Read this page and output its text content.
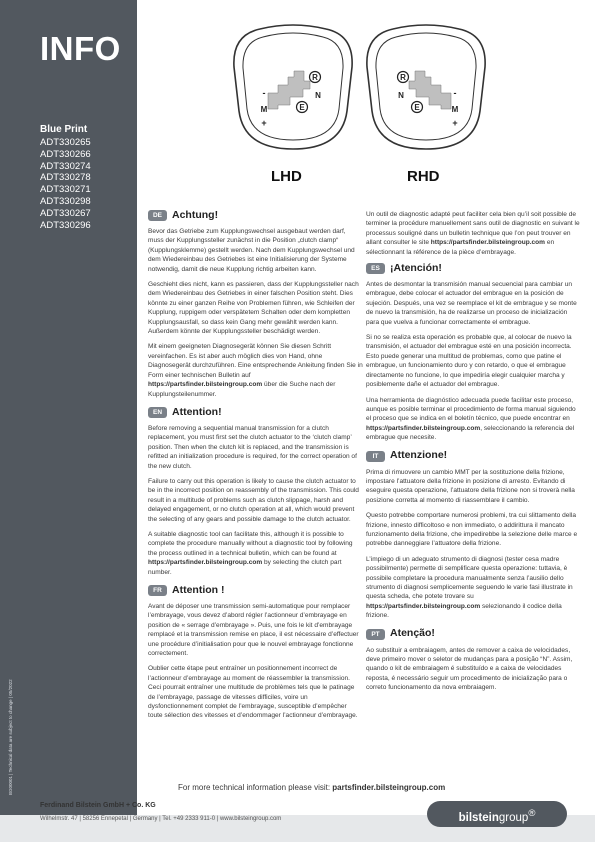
INFO
Blue Print
ADT330265
ADT330266
ADT330274
ADT330278
ADT330271
ADT330298
ADT330267
ADT330296
BG00001 | Technical data are subject to change | 05/2022
R
N
E
-
M
+
LHD
R
N
E
-
M
+
RHD
DE Achtung!

Bevor das Getriebe zum Kupplungswechsel ausgebaut werden darf, muss der Kupplungssteller zunächst in die Position „clutch clamp“ (Kupplungsklemme) gestellt werden. Nach dem Kupplungswechsel und dem Wiedereinbau des Getriebes ist eine Initialisierung der Systeme notwendig, damit die neue Kupplung richtig arbeiten kann.

Geschieht dies nicht, kann es passieren, dass der Kupplungssteller nach dem Wiedereinbau des Getriebes in einer falschen Position steht. Dies könnte zu einer ganzen Reihe von Problemen führen, wie Schleifen der Kupplung, ruppigem oder verspätetem Schalten oder dem kompletten Kupplungsausfall, so dass kein Gang mehr gewählt werden kann. Außerdem könnte der Kupplungssteller beschädigt werden.

Mit einem geeigneten Diagnosegerät können Sie diesen Schritt vereinfachen. Es ist aber auch möglich dies von Hand, ohne Diagnosegerät durchzuführen. Eine entsprechende Anleitung finden Sie in Form einer technischen Bulletin auf https://partsfinder.bilsteingroup.com über die Suche nach der Kupplungsteilenummer.

EN Attention!

Before removing a sequential manual transmission for a clutch replacement, you must first set the clutch actuator to the ‘clutch clamp’ position. Then when the clutch kit is replaced, and the transmission is refitted an initialization procedure is required, for the correct operation of the new clutch.

Failure to carry out this operation is likely to cause the clutch actuator to be in the incorrect position on reassembly of the transmission. This could result in a multitude of problems such as clutch slippage, harsh and delayed engagement, or no clutch operation at all, which would prevent the selecting of any gears and possible damage to the clutch actuator.

A suitable diagnostic tool can facilitate this, although it is possible to complete the procedure manually without a diagnostic tool by following the process outlined in a technical bulletin, which can be found at https://partsfinder.bilsteingroup.com by selecting the clutch part number.

FR Attention !

Avant de déposer une transmission semi-automatique pour remplacer l’embrayage, vous devez d’abord régler l’actionneur d’embrayage en position de « serrage d’embrayage ». Puis, une fois le kit d’embrayage remplacé et la transmission remise en place, il est nécessaire d’effectuer une procédure d’initialisation pour que le nouvel embrayage fonctionne correctement.

Oublier cette étape peut entraîner un positionnement incorrect de l’actionneur d’embrayage au moment de réassembler la transmission. Ceci pourrait entraîner une multitude de problèmes tels que le patinage de l’embrayage, passage de vitesses difficiles, voire un dysfonctionnement complet de l’embrayage, susceptible d’empêcher toute sélection des vitesses et d’endommager l’actionneur d’embrayage.

Un outil de diagnostic adapté peut faciliter cela bien qu’il soit possible de terminer la procédure manuellement sans outil de diagnostic en suivant le processus souligné dans un bulletin technique que l’on peut trouver en allant consulter le site https://partsfinder.bilsteingroup.com en sélectionnant la référence de la pièce d’embrayage.

ES ¡Atención!

Antes de desmontar la transmisión manual secuencial para cambiar un embrague, debe colocar el actuador del embrague en la posición de sujeción. Después, una vez se reemplace el kit de embrague y se monte de nuevo la transmisión, ha de realizarse un proceso de inicialización para que vuelva a funcionar correctamente el embrague.

Si no se realiza esta operación es probable que, al colocar de nuevo la transmisión, el actuador del embrague esté en una posición incorrecta. Esto puede generar una multitud de problemas, como que patine el embrague, un funcionamiento duro y con retardo, o que el embrague directamente no funcione, lo que impediría elegir cualquier marcha y posiblemente dañe el actuador del embrague.

Una herramienta de diagnóstico adecuada puede facilitar este proceso, aunque es posible terminar el procedimiento de forma manual siguiendo el proceso que se indica en el boletín técnico, que puede encontrar en https://partsfinder.bilsteingroup.com, seleccionando la referencia del embrague que necesite.

IT	Attenzione!

Prima di rimuovere un cambio MMT per la sostituzione della frizione, impostare l’attuatore della frizione in posizione di arresto. Evitando di eseguire questa operazione, l’attuatore della frizione non si troverà nella posizione corretta al momento di riassemblare il cambio.

Questo potrebbe comportare numerosi problemi, tra cui slittamento della frizione, innesto difficoltoso e non immediato, o addirittura il mancato funzionamento della frizione, che impedirebbe la selezione delle marce e potrebbe danneggiare l’attuatore della frizione.

L’impiego di un adeguato strumento di diagnosi (tester cesa madre possibilmente) permette di semplificare questa operazione: tuttavia, è possibile completare la procedura manualmente senza l’ausilio dello strumento di diagnosi semplicemente seguendo le varie fasi illustrate in questa scheda, che potete trovare su https://partsfinder.bilsteingroup.com selezionando il codice della frizione.

PT Atenção!

Ao substituir a embraiagem, antes de remover a caixa de velocidades, deve primeiro mover o seletor de mudanças para a posição “N”. Assim, quando o kit de embraiagem é substituído e a caixa de velocidades reposta, é necessário seguir um procedimento de inicialização para o correto funcionamento da nova embraiagem.

For more technical information please visit: partsfinder.bilsteingroup.com
Ferdinand Bilstein GmbH + Co. KG
Wilhelmstr. 47 | 58256 Ennepetal | Germany | Tel. +49 2333 911-0 | www.bilsteingroup.com	bilsteingroup®
